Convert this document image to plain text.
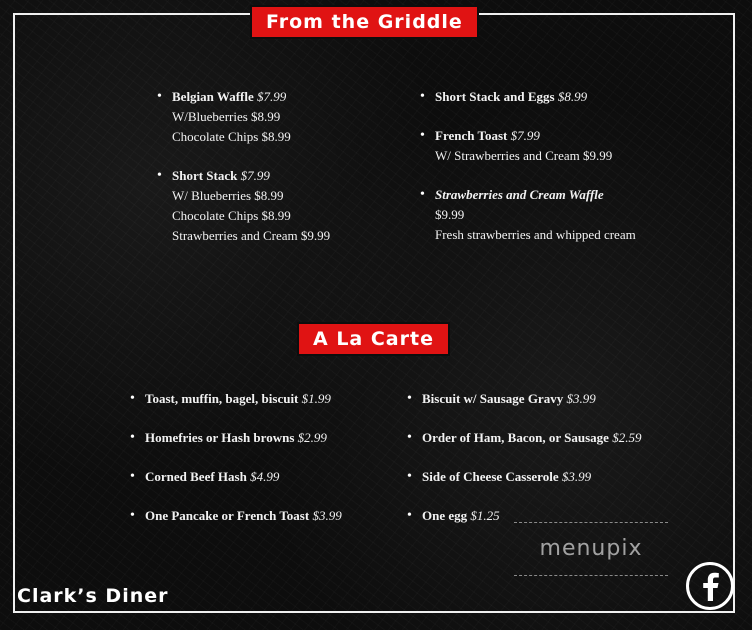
From the Griddle
• Belgian Waffle $7.99
W/Blueberries $8.99
Chocolate Chips $8.99
• Short Stack $7.99
W/ Blueberries $8.99
Chocolate Chips $8.99
Strawberries and Cream $9.99
• Short Stack and Eggs $8.99
• French Toast $7.99
W/ Strawberries and Cream $9.99
• Strawberries and Cream Waffle
$9.99
Fresh strawberries and whipped cream
A La Carte
• Toast, muffin, bagel, biscuit $1.99
• Homefries or Hash browns $2.99
• Corned Beef Hash $4.99
• One Pancake or French Toast $3.99
• Biscuit w/ Sausage Gravy $3.99
• Order of Ham, Bacon, or Sausage $2.59
• Side of Cheese Casserole $3.99
• One egg $1.25
Clark’s Diner
menupix
